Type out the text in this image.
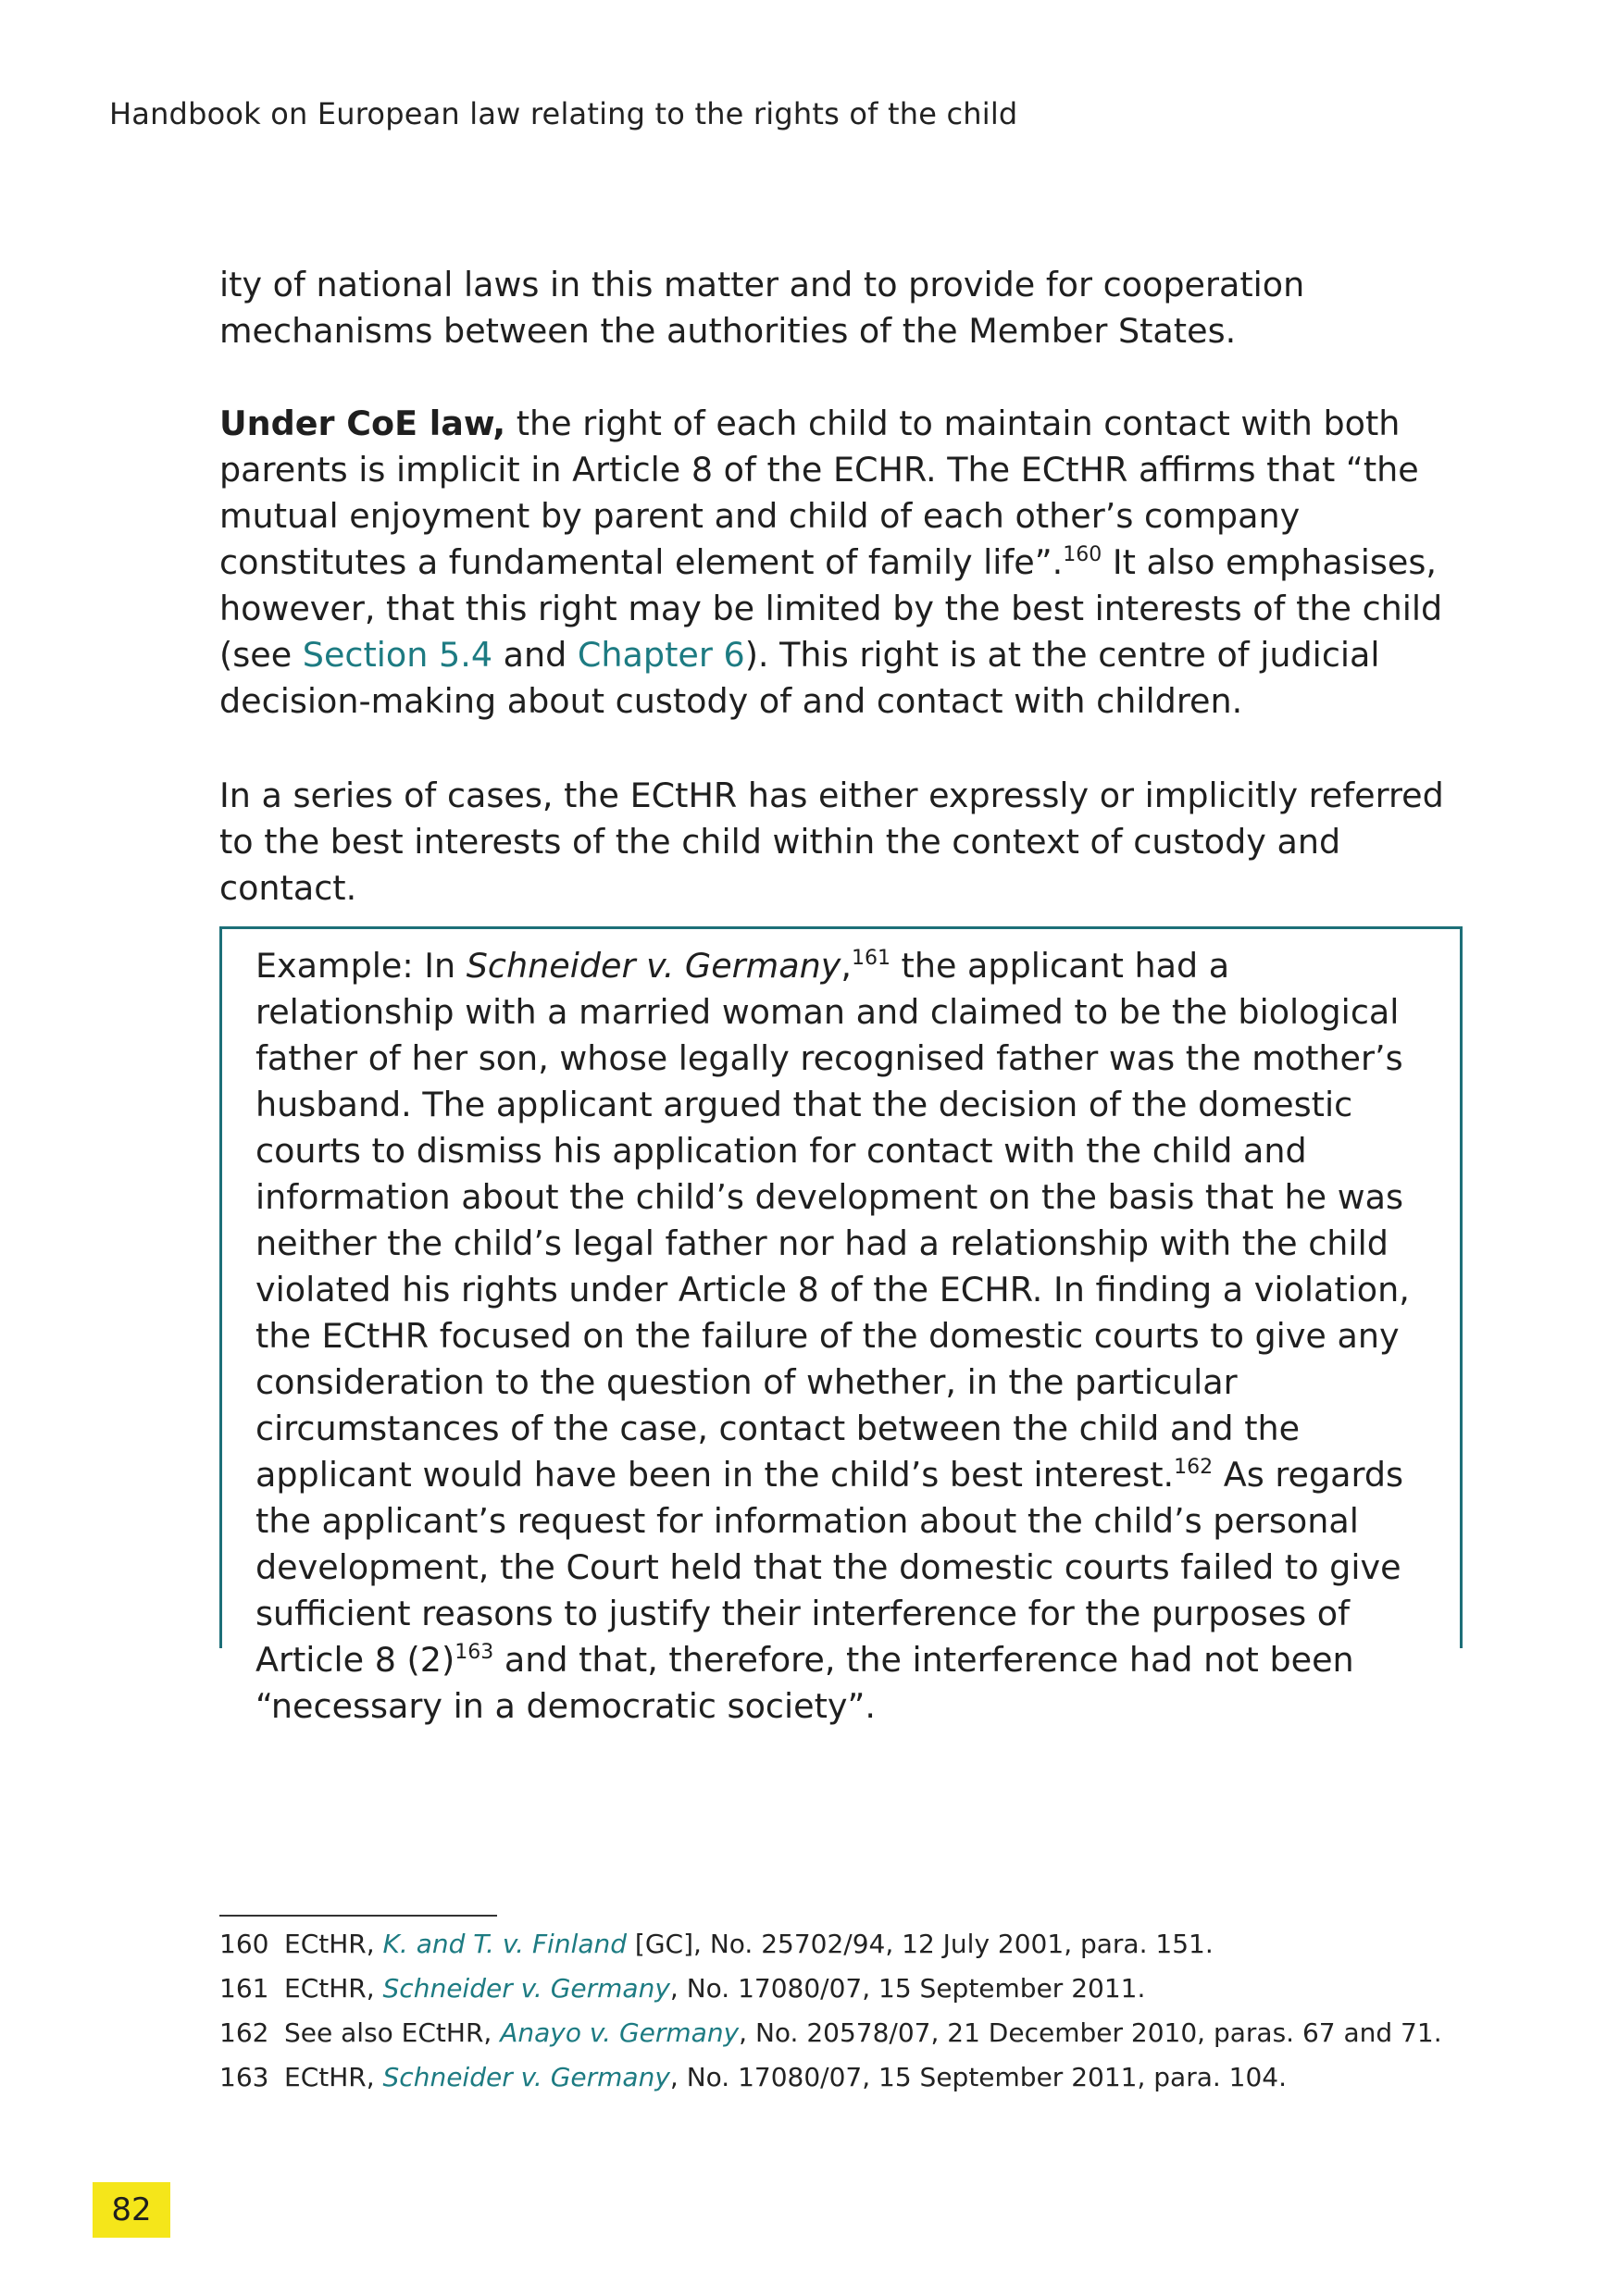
Handbook on European law relating to the rights of the child

ity of national laws in this matter and to provide for cooperation mechanisms between the authorities of the Member States.

Under CoE law, the right of each child to maintain contact with both parents is implicit in Article 8 of the ECHR. The ECtHR affirms that “the mutual enjoyment by parent and child of each other’s company constitutes a fundamental element of family life”.$^{160}$ It also emphasises, however, that this right may be limited by the best interests of the child (see Section 5.4 and Chapter 6). This right is at the centre of judicial decision-making about custody of and contact with children.

In a series of cases, the ECtHR has either expressly or implicitly referred to the best interests of the child within the context of custody and contact.

Example: In Schneider v. Germany,$^{161}$ the applicant had a relationship with a married woman and claimed to be the biological father of her son, whose legally recognised father was the mother’s husband. The applicant argued that the decision of the domestic courts to dismiss his application for contact with the child and information about the child’s development on the basis that he was neither the child’s legal father nor had a relationship with the child violated his rights under Article 8 of the ECHR. In finding a violation, the ECtHR focused on the failure of the domestic courts to give any consideration to the question of whether, in the particular circumstances of the case, contact between the child and the applicant would have been in the child’s best interest.$^{162}$ As regards the applicant’s request for information about the child’s personal development, the Court held that the domestic courts failed to give sufficient reasons to justify their interference for the purposes of Article 8 $(2)^{163}$ and that, therefore, the interference had not been “necessary in a democratic society”.

160 ECtHR, K. and T. v. Finland [GC], No. 25702/94, 12 July 2001, para. 151.
161 ECtHR, Schneider v. Germany, No. 17080/07, 15 September 2011.
162 See also ECtHR, Anayo v. Germany, No. 20578/07, 21 December 2010, paras. 67 and 71.
163 ECtHR, Schneider v. Germany, No. 17080/07, 15 September 2011, para. 104.
82
